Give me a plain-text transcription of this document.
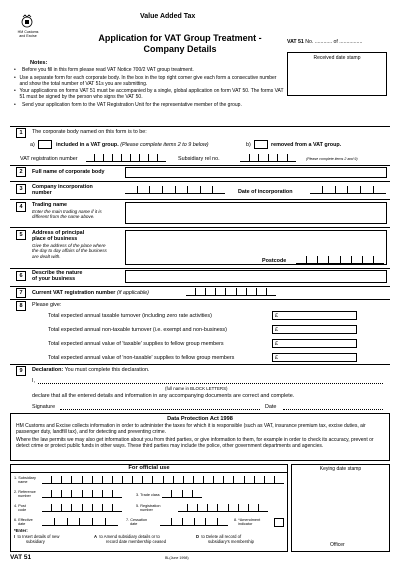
HM Customs
and Excise
Value Added Tax
Application for VAT Group Treatment -
Company Details
VAT 51 No. ............ of ................
Received date stamp
Notes:
•	Before you fill in this form please read VAT Notice 700/2 VAT group treatment.
• Use a separate form for each corporate body. In the box in the top right corner give each form a consecutive number and show the total number of VAT 51s you are submitting.
• Your applications on forms VAT 51 must be accompanied by a single, global application on form VAT 50. The forms VAT 51 must be signed by the person who signs the VAT 50.
•	Send your application form to the VAT Registration Unit for the representative member of the group.
1	The corporate body named on this form is to be:
a)	included in a VAT group. (Please complete items 2 to 9 below)	b)	removed from a VAT group.
VAT registration number	Subsidiary rel no.	(Please complete items 2 and 9)
2	Full name of corporate body
3	Company incorporation
number	Date of incorporation
4	Trading name
Enter the main trading name if it is
different from the name above.
5	Address of principal
place of business
Give the address of the place where
the day to day affairs of the business
are dealt with.
Postcode
6	Describe the nature
of your business
7	Current VAT registration number (if applicable)
8	Please give:
Total expected annual taxable turnover (including zero rate activities)	£
Total expected annual non-taxable turnover (i.e. exempt and non-business)	£
Total expected annual value of 'taxable' supplies to fellow group members	£
Total expected annual value of 'non-taxable' supplies to fellow group members	£
9	Declaration: You must complete this declaration.
I,
(full name in BLOCK LETTERS)
declare that all the entered details and information in any accompanying documents are correct and complete.
Signature	Date
Data Protection Act 1998
HM Customs and Excise collects information in order to administer the taxes for which it is responsible (such as VAT, insurance premium tax, excise duties, air passenger duty, landfill tax), and for detecting and preventing crime.
Where the law permits we may also get information about you from third parties, or give information to them, for example in order to check its accuracy, prevent or detect crime or protect public funds in other ways. These third parties may include the police, other government departments and agencies.
For official use	Keying date stamp
1. Subsidiary
name
2. Reference
number	3. Trade class
4. Post
code
5. Registration
number
6. Effective
date
7. Cessation
date
8. *Amendment
indicator
*Enter:
I to Insert details of new
subsidiary
A to Amend subsidiary details or to
record date membership ceased
D to Delete all record of
subsidiary's membership
Officer
VAT 51	BL(June 1998)
